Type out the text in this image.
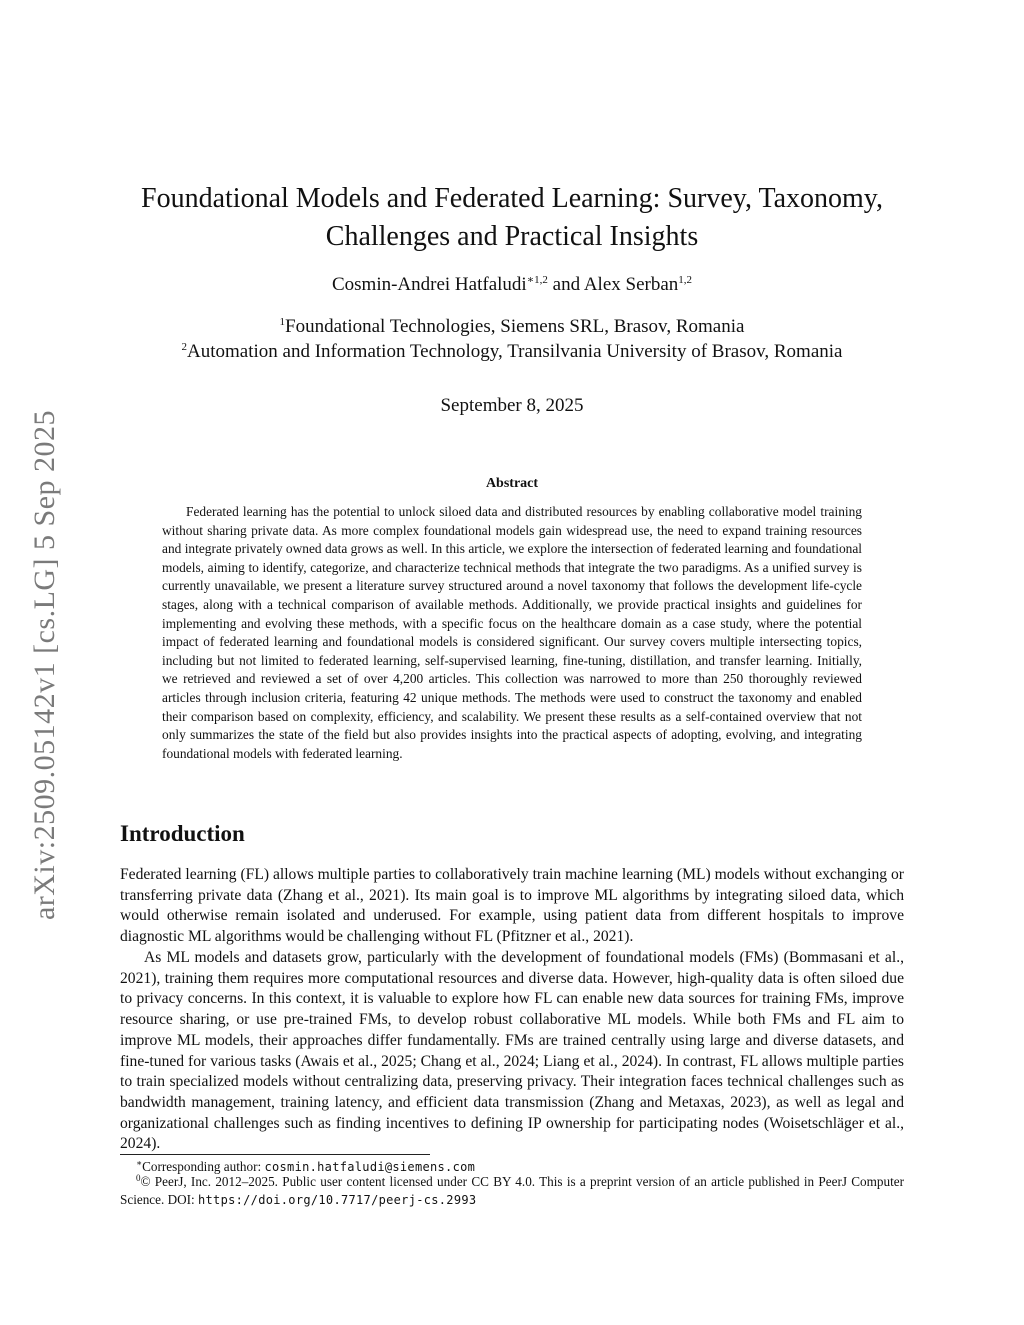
arXiv:2509.05142v1 [cs.LG] 5 Sep 2025
Foundational Models and Federated Learning: Survey, Taxonomy,
Challenges and Practical Insights
Cosmin-Andrei Hatfaludi$^{∗1,2}$ and Alex Serban$^{1,2}$
$^1$Foundational Technologies, Siemens SRL, Brasov, Romania
$^2$Automation and Information Technology, Transilvania University of Brasov, Romania
September 8, 2025
Abstract

Federated learning has the potential to unlock siloed data and distributed resources by enabling collaborative model training without sharing private data. As more complex foundational models gain widespread use, the need to expand training resources and integrate privately owned data grows as well. In this article, we explore the intersection of federated learning and foundational models, aiming to identify, categorize, and characterize technical methods that integrate the two paradigms. As a unified survey is currently unavailable, we present a literature survey structured around a novel taxonomy that follows the development life-cycle stages, along with a technical comparison of available methods. Additionally, we provide practical insights and guidelines for implementing and evolving these methods, with a specific focus on the healthcare domain as a case study, where the potential impact of federated learning and foundational models is considered significant. Our survey covers multiple intersecting topics, including but not limited to federated learning, self-supervised learning, fine-tuning, distillation, and transfer learning. Initially, we retrieved and reviewed a set of over 4,200 articles. This collection was narrowed to more than 250 thoroughly reviewed articles through inclusion criteria, featuring 42 unique methods. The methods were used to construct the taxonomy and enabled their comparison based on complexity, efficiency, and scalability. We present these results as a self-contained overview that not only summarizes the state of the field but also provides insights into the practical aspects of adopting, evolving, and integrating foundational models with federated learning.

Introduction

Federated learning (FL) allows multiple parties to collaboratively train machine learning (ML) models without exchanging or transferring private data (Zhang et al., 2021). Its main goal is to improve ML algorithms by integrating siloed data, which would otherwise remain isolated and underused. For example, using patient data from different hospitals to improve diagnostic ML algorithms would be challenging without FL (Pfitzner et al., 2021).

As ML models and datasets grow, particularly with the development of foundational models (FMs) (Bommasani et al., 2021), training them requires more computational resources and diverse data. However, high-quality data is often siloed due to privacy concerns. In this context, it is valuable to explore how FL can enable new data sources for training FMs, improve resource sharing, or use pre-trained FMs, to develop robust collaborative ML models. While both FMs and FL aim to improve ML models, their approaches differ fundamentally. FMs are trained centrally using large and diverse datasets, and fine-tuned for various tasks (Awais et al., 2025; Chang et al., 2024; Liang et al., 2024). In contrast, FL allows multiple parties to train specialized models without centralizing data, preserving privacy. Their integration faces technical challenges such as bandwidth management, training latency, and efficient data transmission (Zhang and Metaxas, 2023), as well as legal and organizational challenges such as finding incentives to defining IP ownership for participating nodes (Woisetschläger et al., 2024).

∗Corresponding author: cosmin.hatfaludi@siemens.com

$^0$© PeerJ, Inc. 2012–2025. Public user content licensed under CC BY 4.0. This is a preprint version of an article published in PeerJ Computer Science. DOI: https://doi.org/10.7717/peerj-cs.2993
